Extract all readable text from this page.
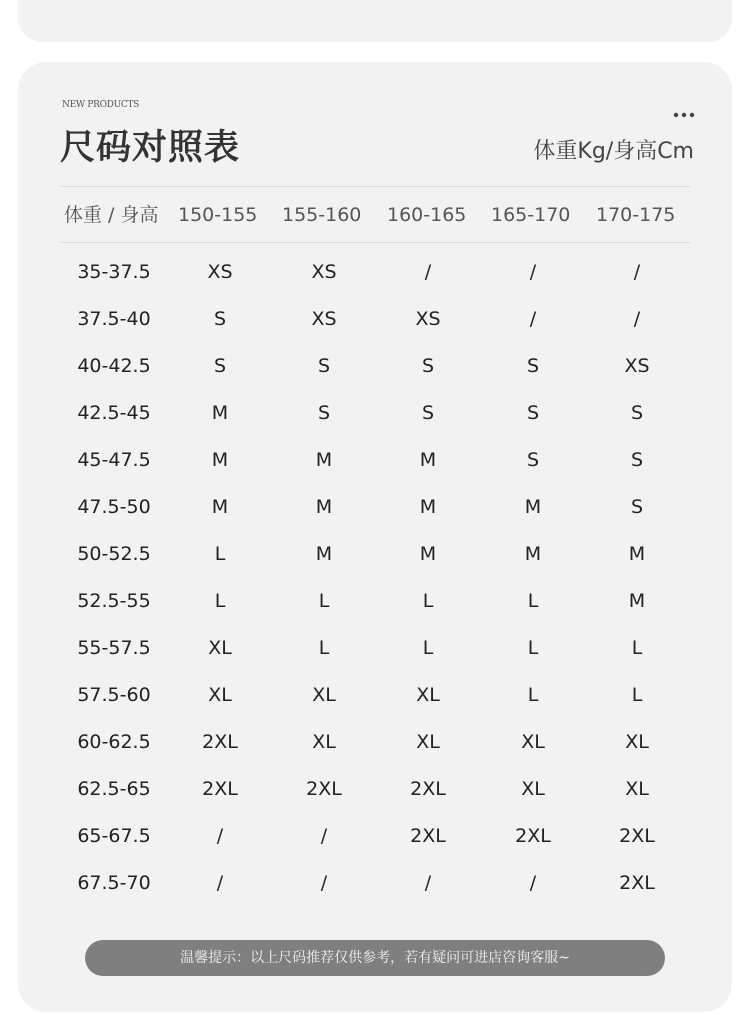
NEW PRODUCTS
尺码对照表	体重Kg/身高Cm
体重 / 身高 150-155 155-160 160-165 165-170 170-175
35-37.5	XS	XS	/	/	/
37.5-40	S	XS	XS	/	/
40-42.5	S	S	S	S	XS
42.5-45	M	S	S	S	S
45-47.5	M	M	M	S	S
47.5-50	M	M	M	M	S
50-52.5	L	M	M	M	M
52.5-55	L	L	L	L	M
55-57.5	XL	L	L	L	L
57.5-60	XL	XL	XL	L	L
60-62.5	2XL	XL	XL	XL	XL
62.5-65	2XL	2XL	2XL	XL	XL
65-67.5	/	/	2XL	2XL	2XL
67.5-70	/	/	/	/	2XL
温馨提示：以上尺码推荐仅供参考，若有疑问可进店咨询客服~
